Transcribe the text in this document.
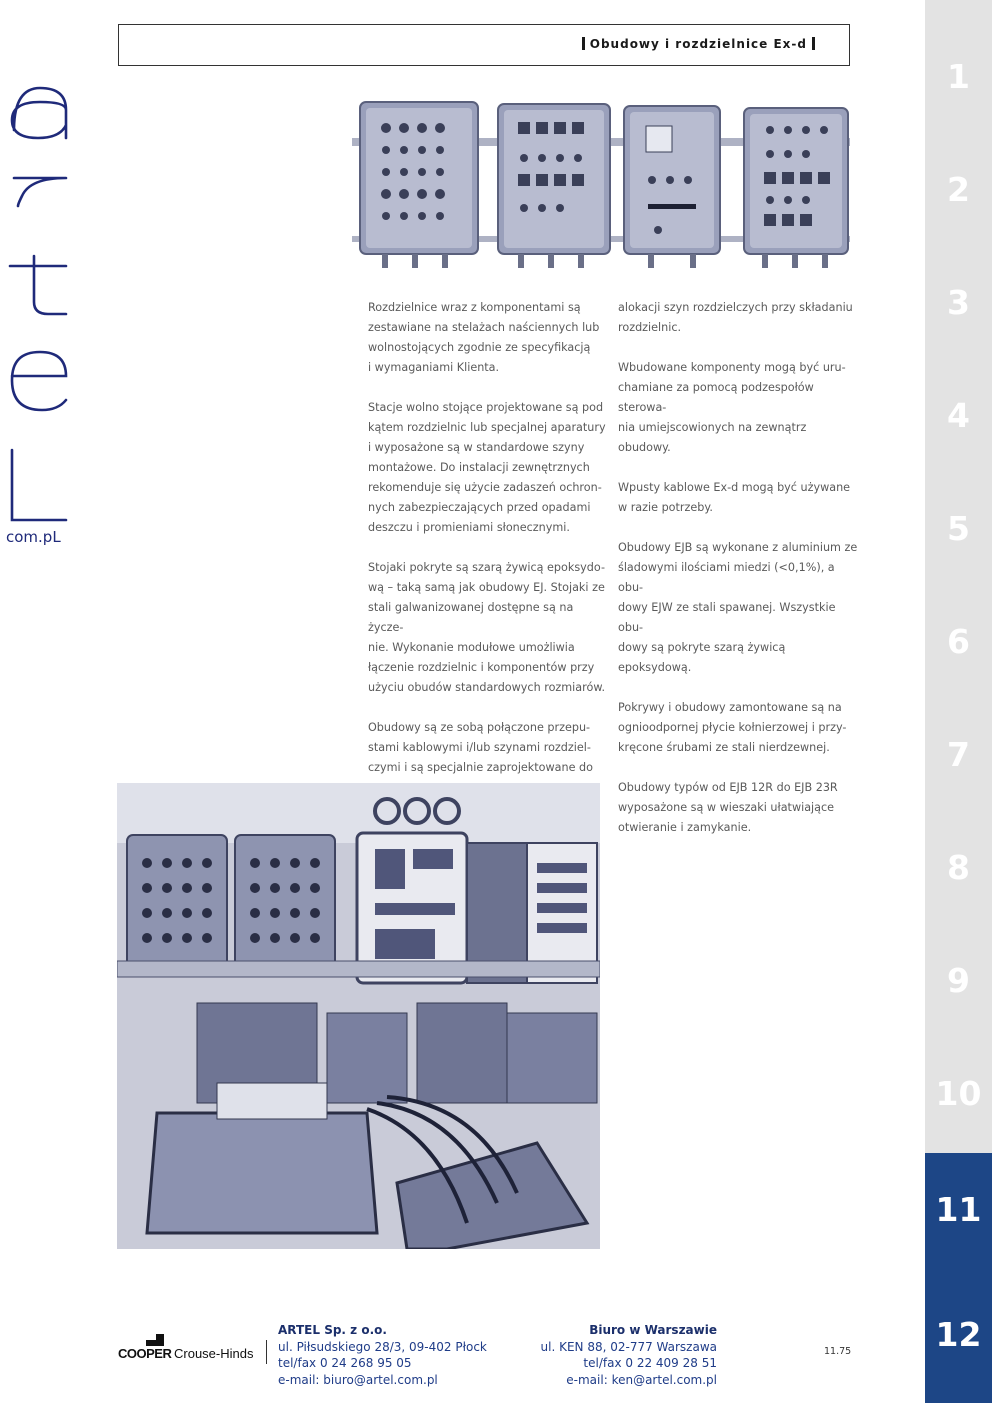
Obudowy i rozdzielnice Ex-d
com.pL

Rozdzielnice wraz z komponentami są
zestawiane na stelażach naściennych lub
wolnostojących zgodnie ze specyfikacją
i wymaganiami Klienta.

Stacje wolno stojące projektowane są pod
kątem rozdzielnic lub specjalnej aparatury
i wyposażone są w standardowe szyny
montażowe. Do instalacji zewnętrznych
rekomenduje się użycie zadaszeń ochron-
nych zabezpieczających przed opadami
deszczu i promieniami słonecznymi.

Stojaki pokryte są szarą żywicą epoksydo-
wą – taką samą jak obudowy EJ. Stojaki ze
stali galwanizowanej dostępne są na życze-
nie. Wykonanie modułowe umożliwia
łączenie rozdzielnic i komponentów przy
użyciu obudów standardowych rozmiarów.

Obudowy są ze sobą połączone przepu-
stami kablowymi i/lub szynami rozdziel-
czymi i są specjalnie zaprojektowane do

alokacji szyn rozdzielczych przy składaniu
rozdzielnic.

Wbudowane komponenty mogą być uru-
chamiane za pomocą podzespołów sterowa-
nia umiejscowionych na zewnątrz obudowy.

Wpusty kablowe Ex-d mogą być używane
w razie potrzeby.

Obudowy EJB są wykonane z aluminium ze
śladowymi ilościami miedzi (<0,1%), a obu-
dowy EJW ze stali spawanej. Wszystkie obu-
dowy są pokryte szarą żywicą epoksydową.

Pokrywy i obudowy zamontowane są na
ognioodpornej płycie kołnierzowej i przy-
kręcone śrubami ze stali nierdzewnej.

Obudowy typów od EJB 12R do EJB 23R
wyposażone są w wieszaki ułatwiające
otwieranie i zamykanie.

1
2
3
4
5
6
7
8
9
10
11
12
COOPER Crouse-Hinds
ARTEL Sp. z o.o.
ul. Piłsudskiego 28/3, 09-402 Płock
tel/fax 0 24 268 95 05
e-mail: biuro@artel.com.pl
Biuro w Warszawie
ul. KEN 88, 02-777 Warszawa
tel/fax 0 22 409 28 51
e-mail: ken@artel.com.pl
11.75
